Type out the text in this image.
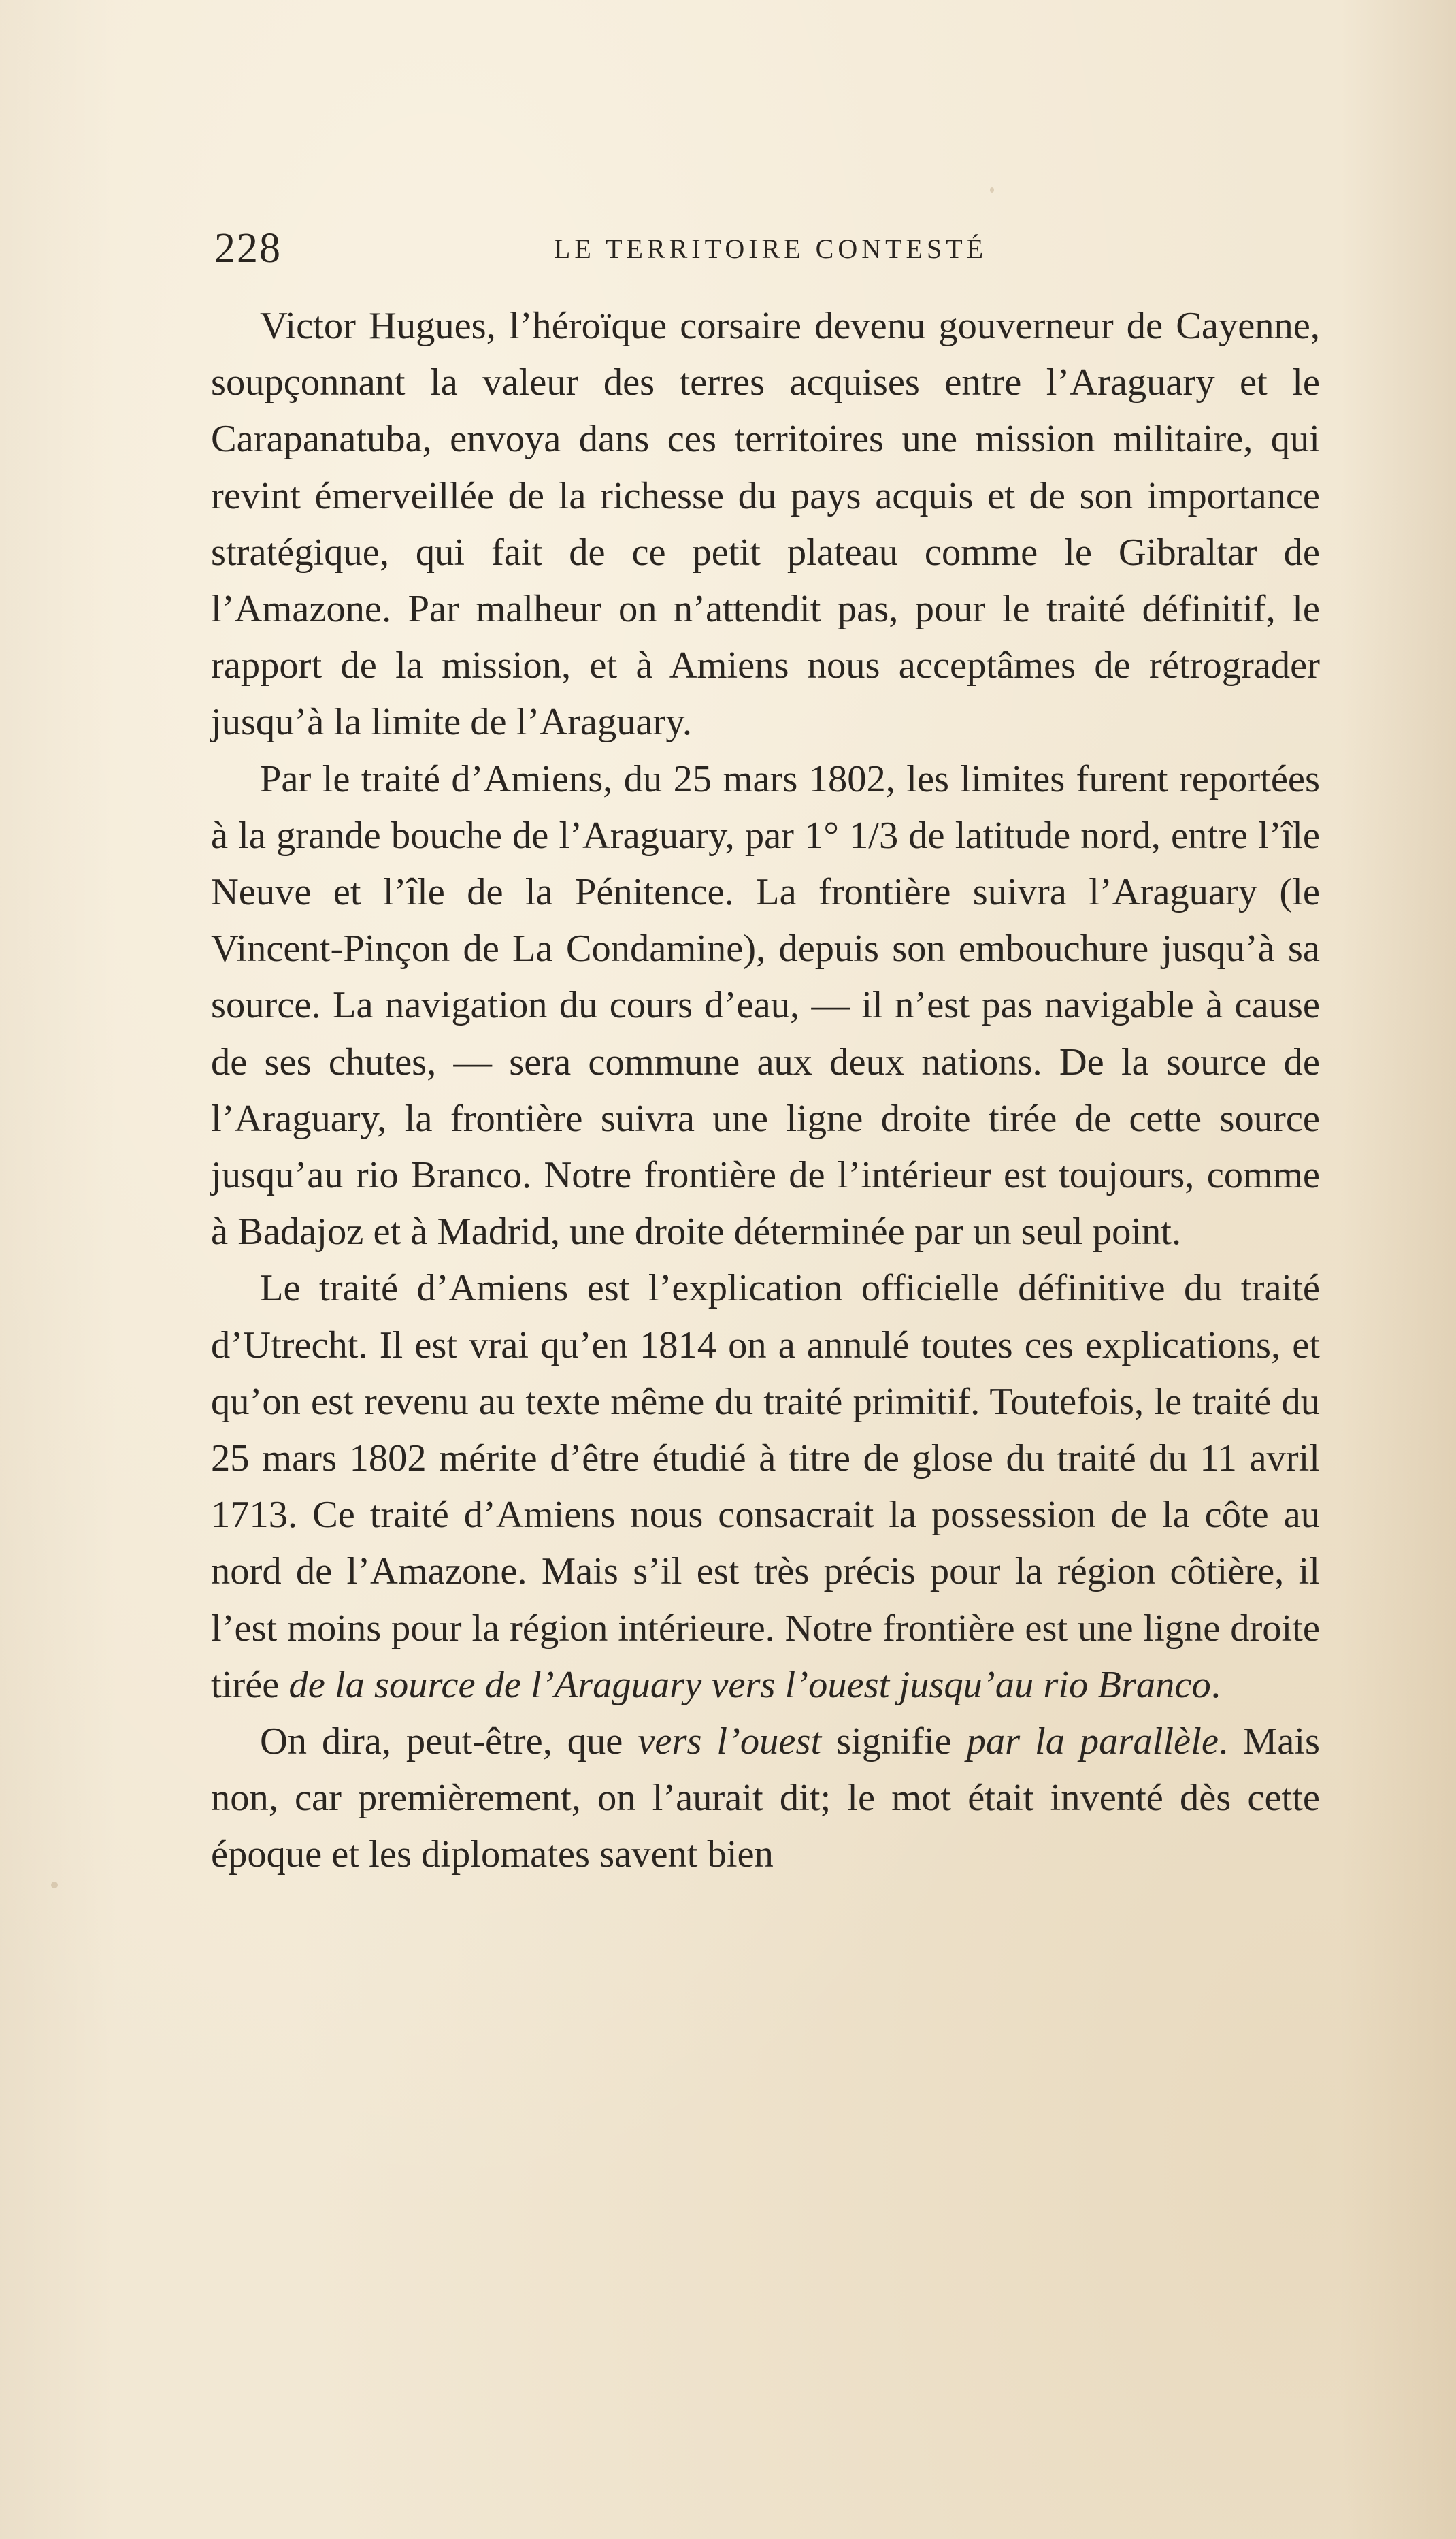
228	LE TERRITOIRE CONTESTÉ

Victor Hugues, l’héroïque corsaire devenu gouverneur de Cayenne, soupçonnant la valeur des terres acquises entre l’Araguary et le Carapanatuba, envoya dans ces territoires une mission militaire, qui revint émerveillée de la richesse du pays acquis et de son importance stratégique, qui fait de ce petit plateau comme le Gibraltar de l’Amazone. Par malheur on n’attendit pas, pour le traité définitif, le rapport de la mission, et à Amiens nous acceptâmes de rétrograder jusqu’à la limite de l’Araguary.

Par le traité d’Amiens, du 25 mars 1802, les limites furent reportées à la grande bouche de l’Araguary, par 1° 1/3 de latitude nord, entre l’île Neuve et l’île de la Pénitence. La frontière suivra l’Araguary (le Vincent-Pinçon de La Condamine), depuis son embouchure jusqu’à sa source. La navigation du cours d’eau, — il n’est pas navigable à cause de ses chutes, — sera commune aux deux nations. De la source de l’Araguary, la frontière suivra une ligne droite tirée de cette source jusqu’au rio Branco. Notre frontière de l’intérieur est toujours, comme à Badajoz et à Madrid, une droite déterminée par un seul point.

Le traité d’Amiens est l’explication officielle définitive du traité d’Utrecht. Il est vrai qu’en 1814 on a annulé toutes ces explications, et qu’on est revenu au texte même du traité primitif. Toutefois, le traité du 25 mars 1802 mérite d’être étudié à titre de glose du traité du 11 avril 1713. Ce traité d’Amiens nous consacrait la possession de la côte au nord de l’Amazone. Mais s’il est très précis pour la région côtière, il l’est moins pour la région intérieure. Notre frontière est une ligne droite tirée de la source de l’Araguary vers l’ouest jusqu’au rio Branco.

On dira, peut-être, que vers l’ouest signifie par la parallèle. Mais non, car premièrement, on l’aurait dit; le mot était inventé dès cette époque et les diplomates savent bien
